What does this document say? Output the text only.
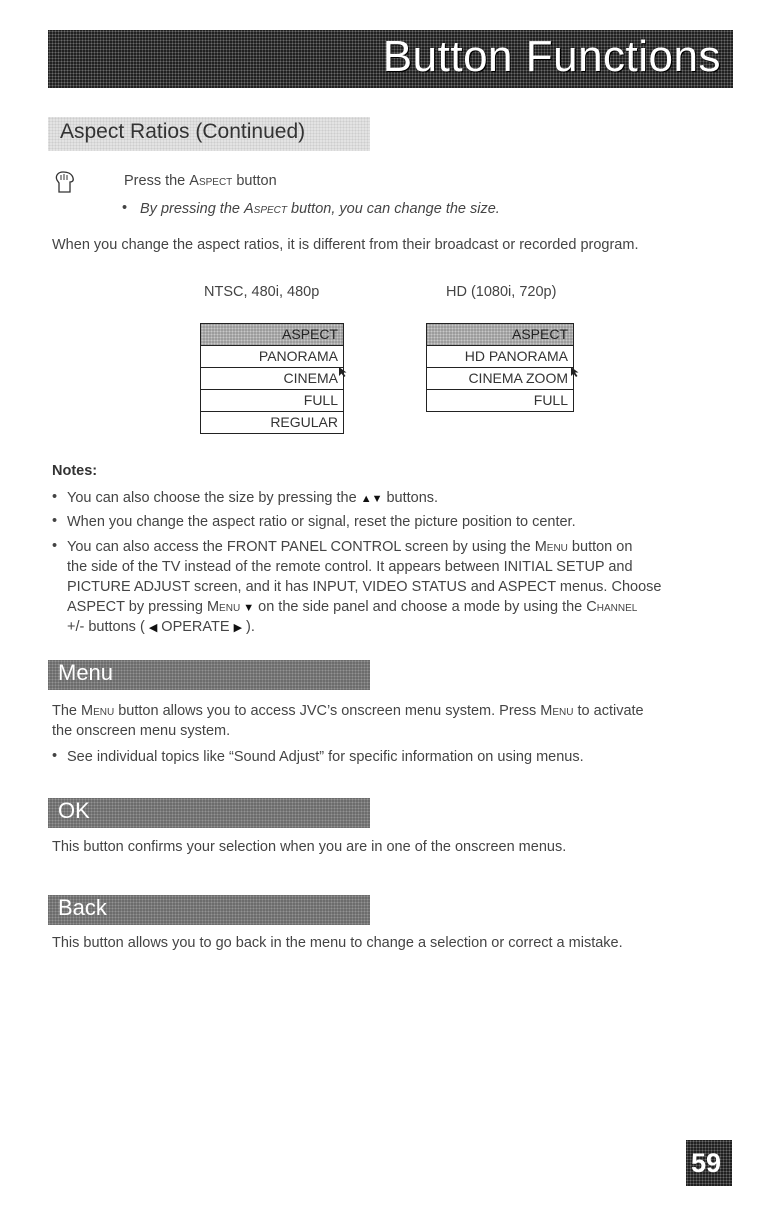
Button Functions
Aspect Ratios (Continued)
Press the Aspect button
• By pressing the Aspect button, you can change the size.
When you change the aspect ratios, it is different from their broadcast or recorded program.
NTSC, 480i, 480p	HD (1080i, 720p)
ASPECT
PANORAMA
CINEMA
FULL
REGULAR
ASPECT
HD PANORAMA
CINEMA ZOOM
FULL
Notes:
• You can also choose the size by pressing the ▲▼ buttons.
• When you change the aspect ratio or signal, reset the picture position to center.
• You can also access the FRONT PANEL CONTROL screen by using the Menu button on
the side of the TV instead of the remote control. It appears between INITIAL SETUP and
PICTURE ADJUST screen, and it has INPUT, VIDEO STATUS and ASPECT menus. Choose
ASPECT by pressing Menu ▼ on the side panel and choose a mode by using the Channel
+/- buttons ( ◀ OPERATE ▶ ).
Menu
The Menu button allows you to access JVC’s onscreen menu system. Press Menu to activate
the onscreen menu system.
• See individual topics like “Sound Adjust” for specific information on using menus.
OK
This button confirms your selection when you are in one of the onscreen menus.
Back
This button allows you to go back in the menu to change a selection or correct a mistake.
59
